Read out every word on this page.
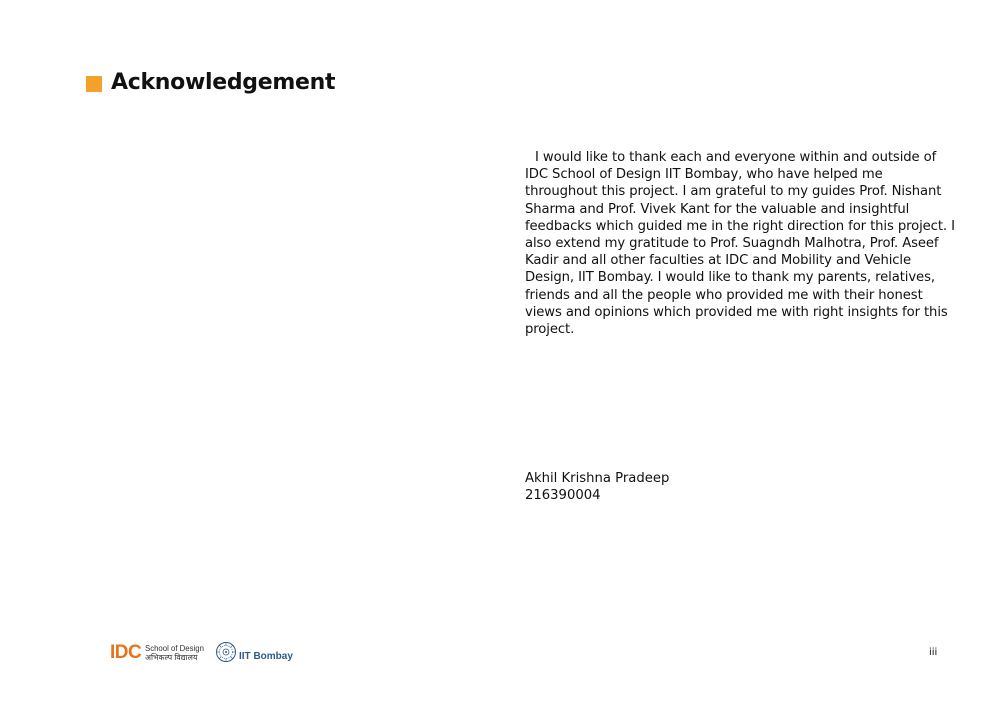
Acknowledgement

I would like to thank each and everyone within and outside of IDC School of Design IIT Bombay, who have helped me throughout this project. I am grateful to my guides Prof. Nishant Sharma and Prof. Vivek Kant for the valuable and insightful feedbacks which guided me in the right direction for this project. I also extend my gratitude to Prof. Suagndh Malhotra, Prof. Aseef Kadir and all other faculties at IDC and Mobility and Vehicle Design, IIT Bombay. I would like to thank my parents, relatives, friends and all the people who provided me with their honest views and opinions which provided me with right insights for this project.

Akhil Krishna Pradeep
216390004
IDC School of Design
अभिकल्प विद्यालय	IIT Bombay	iii
